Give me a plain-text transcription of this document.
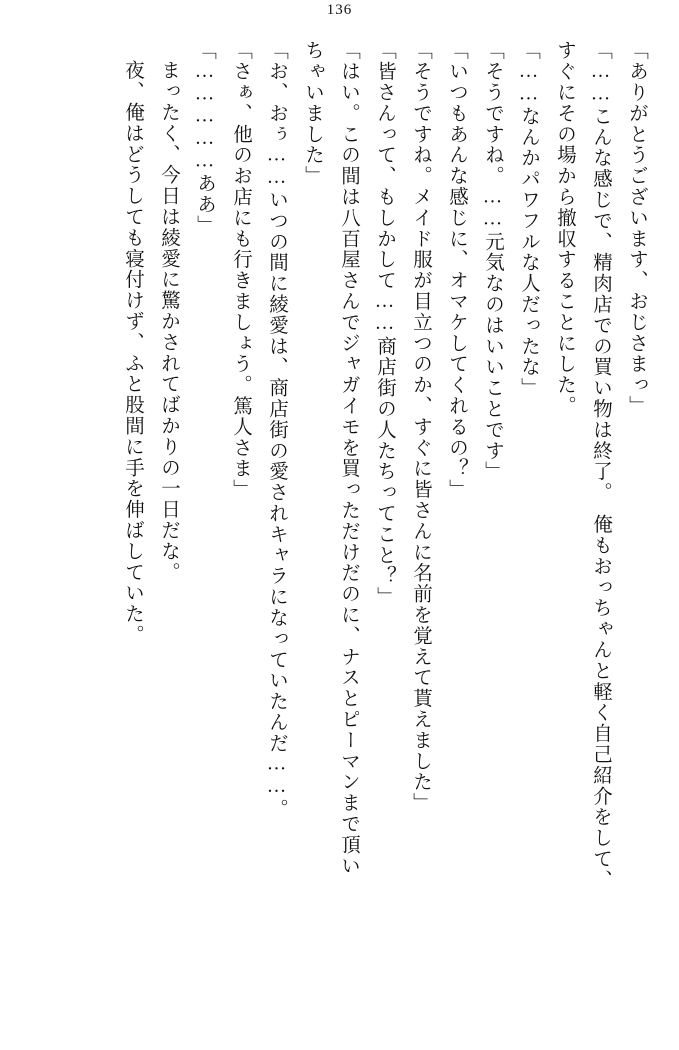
136

「ありがとうございます、おじさまっ」

「……こんな感じで、精肉店での買い物は終了。　俺もおっちゃんと軽く自己紹介をして、

すぐにその場から撤収することにした。

「……なんかパワフルな人だったな」

「そうですね。……元気なのはいいことです」

「いつもあんな感じに、オマケしてくれるの？」

「そうですね。メイド服が目立つのか、すぐに皆さんに名前を覚えて貰えました」

「皆さんって、もしかして……商店街の人たちってこと？」

「はい。この間は八百屋さんでジャガイモを買っただけだのに、ナスとピーマンまで頂い

ちゃいました」

「お、おぅ……いつの間に綾愛は、商店街の愛されキャラになっていたんだ……。

「さぁ、他のお店にも行きましょう。篤人さま」

「……………ああ」

まったく、今日は綾愛に驚かされてばかりの一日だな。

夜、俺はどうしても寝付けず、ふと股間に手を伸ばしていた。
